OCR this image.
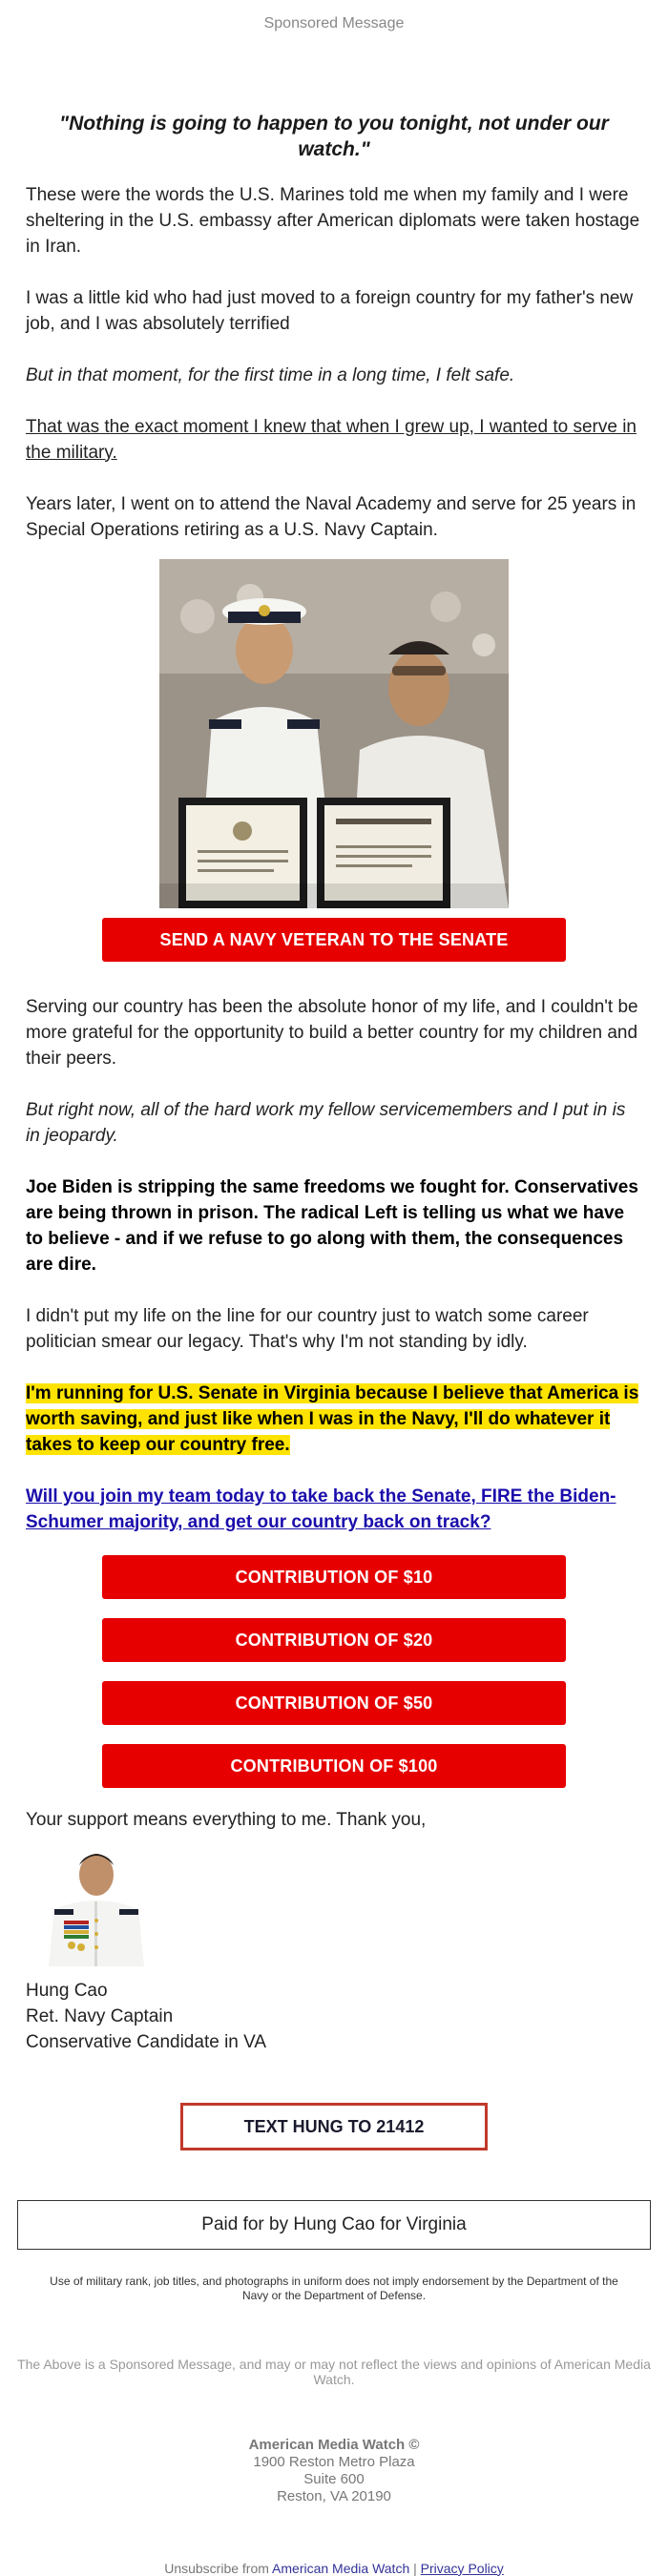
Sponsored Message
"Nothing is going to happen to you tonight, not under our watch."

These were the words the U.S. Marines told me when my family and I were sheltering in the U.S. embassy after American diplomats were taken hostage in Iran.

I was a little kid who had just moved to a foreign country for my father's new job, and I was absolutely terrified

But in that moment, for the first time in a long time, I felt safe.

That was the exact moment I knew that when I grew up, I wanted to serve in the military.

Years later, I went on to attend the Naval Academy and serve for 25 years in Special Operations retiring as a U.S. Navy Captain.

SEND A NAVY VETERAN TO THE SENATE

Serving our country has been the absolute honor of my life, and I couldn't be more grateful for the opportunity to build a better country for my children and their peers.

But right now, all of the hard work my fellow servicemembers and I put in is in jeopardy.

Joe Biden is stripping the same freedoms we fought for. Conservatives are being thrown in prison. The radical Left is telling us what we have to believe - and if we refuse to go along with them, the consequences are dire.

I didn't put my life on the line for our country just to watch some career politician smear our legacy. That's why I'm not standing by idly.

I'm running for U.S. Senate in Virginia because I believe that America is worth saving, and just like when I was in the Navy, I'll do whatever it takes to keep our country free.

Will you join my team today to take back the Senate, FIRE the Biden-Schumer majority, and get our country back on track?

CONTRIBUTION OF $10
CONTRIBUTION OF $20
CONTRIBUTION OF $50
CONTRIBUTION OF $100

Your support means everything to me. Thank you,

Hung Cao
Ret. Navy Captain
Conservative Candidate in VA
TEXT HUNG TO 21412
Paid for by Hung Cao for Virginia
Use of military rank, job titles, and photographs in uniform does not imply endorsement by the Department of the Navy or the Department of Defense.
The Above is a Sponsored Message, and may or may not reflect the views and opinions of American Media Watch.
American Media Watch ©
1900 Reston Metro Plaza
Suite 600
Reston, VA 20190
Unsubscribe from American Media Watch | Privacy Policy
